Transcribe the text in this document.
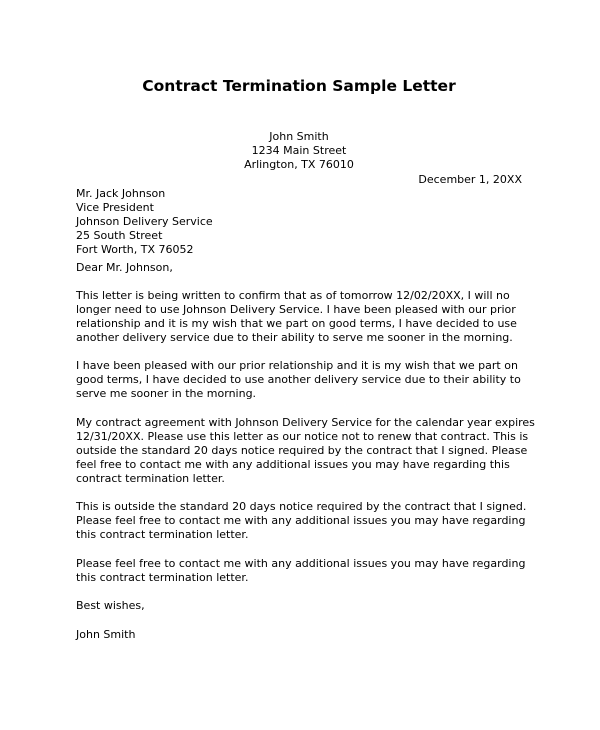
Contract Termination Sample Letter
John Smith
1234 Main Street
Arlington, TX 76010
December 1, 20XX
Mr. Jack Johnson
Vice President
Johnson Delivery Service
25 South Street
Fort Worth, TX 76052
Dear Mr. Johnson,
This letter is being written to confirm that as of tomorrow 12/02/20XX, I will no
longer need to use Johnson Delivery Service. I have been pleased with our prior
relationship and it is my wish that we part on good terms, I have decided to use
another delivery service due to their ability to serve me sooner in the morning.
I have been pleased with our prior relationship and it is my wish that we part on
good terms, I have decided to use another delivery service due to their ability to
serve me sooner in the morning.
My contract agreement with Johnson Delivery Service for the calendar year expires
12/31/20XX. Please use this letter as our notice not to renew that contract. This is
outside the standard 20 days notice required by the contract that I signed. Please
feel free to contact me with any additional issues you may have regarding this
contract termination letter.
This is outside the standard 20 days notice required by the contract that I signed.
Please feel free to contact me with any additional issues you may have regarding
this contract termination letter.
Please feel free to contact me with any additional issues you may have regarding
this contract termination letter.
Best wishes,
John Smith
